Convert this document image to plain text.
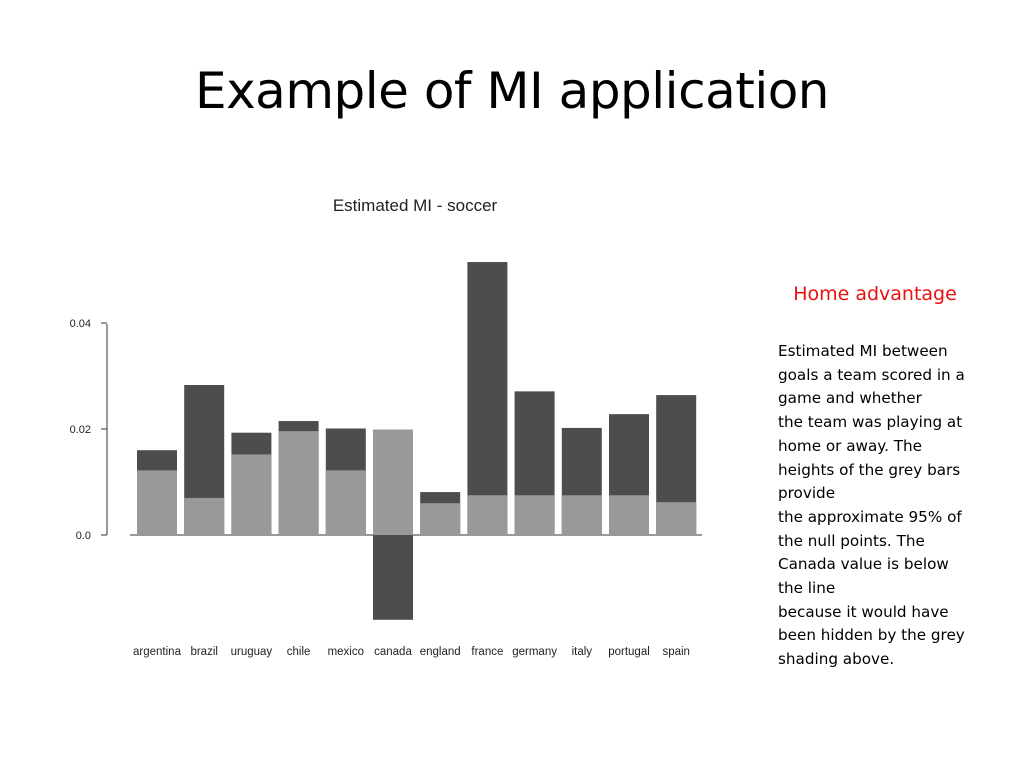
Example of MI application
Estimated MI - soccer
0.04
0.02
0.0
argentina brazil uruguay chile mexico canada england france germany italy portugal spain
Home advantage
Estimated MI between
goals a team scored in a
game and whether
the team was playing at
home or away. The
heights of the grey bars
provide
the approximate 95% of
the null points. The
Canada value is below
the line
because it would have
been hidden by the grey
shading above.
